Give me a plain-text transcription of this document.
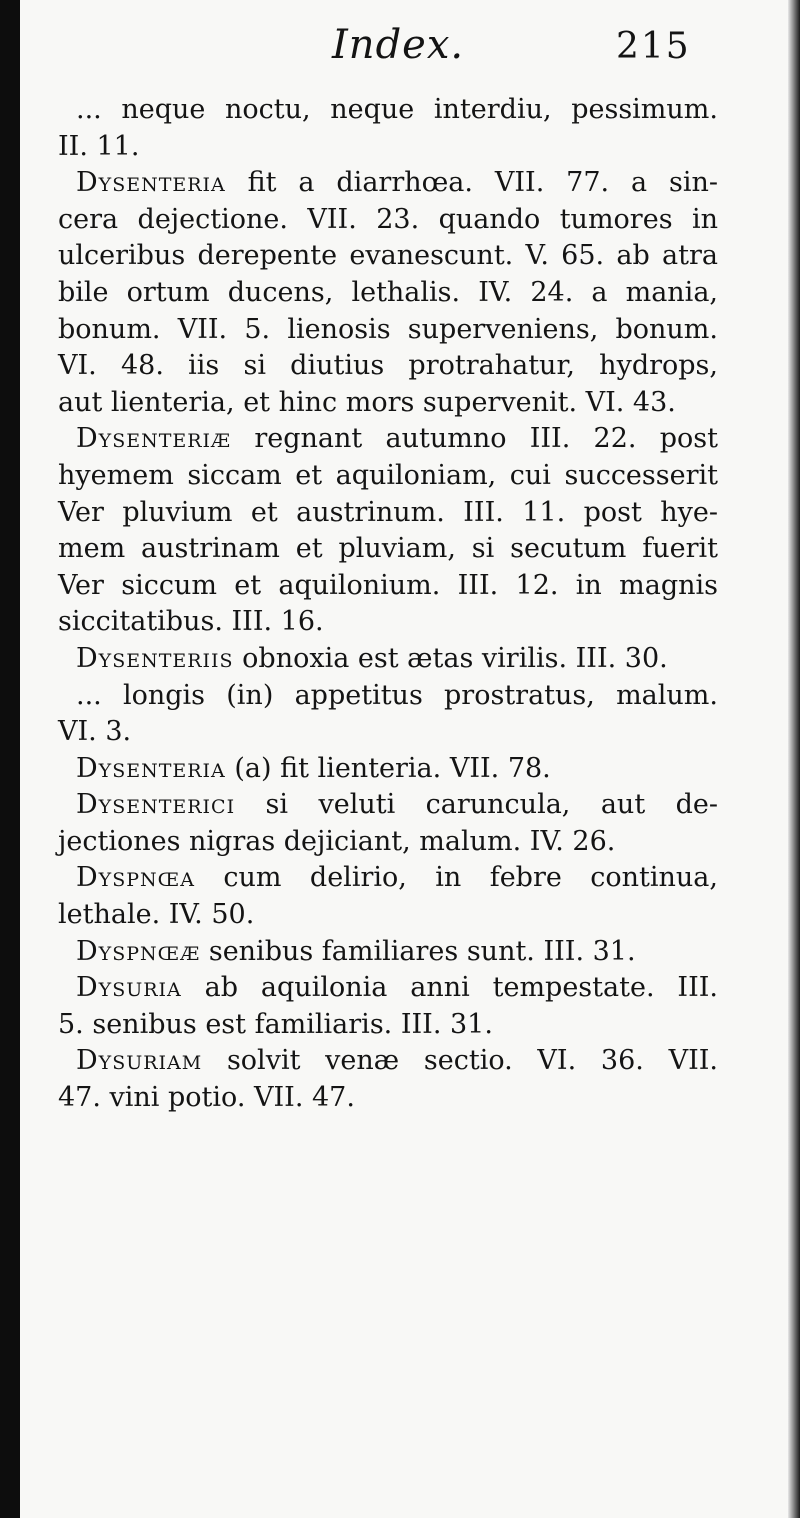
Index.	215
... neque noctu, neque interdiu, pessimum.
II. 11.
Dysenteria fit a diarrhœa. VII. 77. a sin-
cera dejectione. VII. 23. quando tumores in
ulceribus derepente evanescunt. V. 65. ab atra
bile ortum ducens, lethalis. IV. 24. a mania,
bonum. VII. 5. lienosis superveniens, bonum.
VI. 48. iis si diutius protrahatur, hydrops,
aut lienteria, et hinc mors supervenit. VI. 43.
Dysenteriæ regnant autumno III. 22. post
hyemem siccam et aquiloniam, cui successerit
Ver pluvium et austrinum. III. 11. post hye-
mem austrinam et pluviam, si secutum fuerit
Ver siccum et aquilonium. III. 12. in magnis
siccitatibus. III. 16.
Dysenteriis obnoxia est ætas virilis. III. 30.
... longis (in) appetitus prostratus, malum.
VI. 3.
Dysenteria (a) fit lienteria. VII. 78.
Dysenterici si veluti caruncula, aut de-
jectiones nigras dejiciant, malum. IV. 26.
Dyspnœa cum delirio, in febre continua,
lethale. IV. 50.
Dyspnœæ senibus familiares sunt. III. 31.
Dysuria ab aquilonia anni tempestate. III.
5. senibus est familiaris. III. 31.
Dysuriam solvit venæ sectio. VI. 36. VII.
47. vini potio. VII. 47.
